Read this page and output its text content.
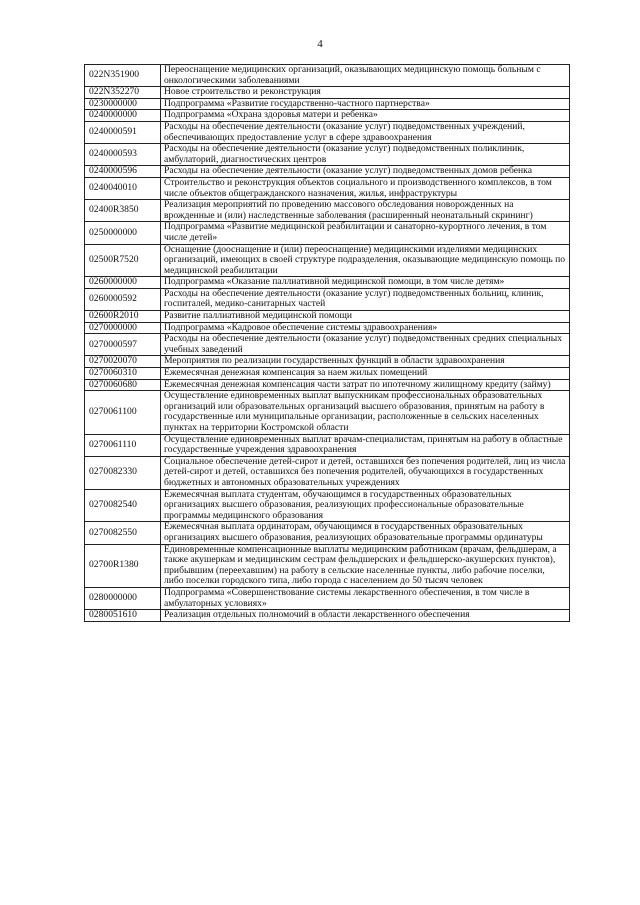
4
022N351900	Переоснащение медицинских организаций, оказывающих медицинскую помощь больным с онкологическими заболеваниями
022N352270	Новое строительство и реконструкция
0230000000	Подпрограмма «Развитие государственно-частного партнерства»
0240000000	Подпрограмма «Охрана здоровья матери и ребенка»
0240000591	Расходы на обеспечение деятельности (оказание услуг) подведомственных учреждений, обеспечивающих предоставление услуг в сфере здравоохранения
0240000593	Расходы на обеспечение деятельности (оказание услуг) подведомственных поликлиник, амбулаторий, диагностических центров
0240000596	Расходы на обеспечение деятельности (оказание услуг) подведомственных домов ребенка
0240040010	Строительство и реконструкция объектов социального и производственного комплексов, в том числе объектов общегражданского назначения, жилья, инфраструктуры
02400R3850	Реализация мероприятий по проведению массового обследования новорожденных на врожденные и (или) наследственные заболевания (расширенный неонатальный скрининг)
0250000000	Подпрограмма «Развитие медицинской реабилитации и санаторно-курортного лечения, в том числе детей»
02500R7520	Оснащение (дооснащение и (или) переоснащение) медицинскими изделиями медицинских организаций, имеющих в своей структуре подразделения, оказывающие медицинскую помощь по медицинской реабилитации
0260000000	Подпрограмма «Оказание паллиативной медицинской помощи, в том числе детям»
0260000592	Расходы на обеспечение деятельности (оказание услуг) подведомственных больниц, клиник, госпиталей, медико-санитарных частей
02600R2010	Развитие паллиативной медицинской помощи
0270000000	Подпрограмма «Кадровое обеспечение системы здравоохранения»
0270000597	Расходы на обеспечение деятельности (оказание услуг) подведомственных средних специальных учебных заведений
0270020070	Мероприятия по реализации государственных функций в области здравоохранения
0270060310	Ежемесячная денежная компенсация за наем жилых помещений
0270060680	Ежемесячная денежная компенсация части затрат по ипотечному жилищному кредиту (займу)
0270061100	Осуществление единовременных выплат выпускникам профессиональных образовательных организаций или образовательных организаций высшего образования, принятым на работу в государственные или муниципальные организации, расположенные в сельских населенных пунктах на территории Костромской области
0270061110	Осуществление единовременных выплат врачам-специалистам, принятым на работу в областные государственные учреждения здравоохранения
0270082330	Социальное обеспечение детей-сирот и детей, оставшихся без попечения родителей, лиц из числа детей-сирот и детей, оставшихся без попечения родителей, обучающихся в государственных бюджетных и автономных образовательных учреждениях
0270082540	Ежемесячная выплата студентам, обучающимся в государственных образовательных организациях высшего образования, реализующих профессиональные образовательные программы медицинского образования
0270082550	Ежемесячная выплата ординаторам, обучающимся в государственных образовательных организациях высшего образования, реализующих образовательные программы ординатуры
02700R1380	Единовременные компенсационные выплаты медицинским работникам (врачам, фельдшерам, а также акушеркам и медицинским сестрам фельдшерских и фельдшерско-акушерских пунктов), прибывшим (переехавшим) на работу в сельские населенные пункты, либо рабочие поселки, либо поселки городского типа, либо города с населением до 50 тысяч человек
0280000000	Подпрограмма «Совершенствование системы лекарственного обеспечения, в том числе в амбулаторных условиях»
0280051610	Реализация отдельных полномочий в области лекарственного обеспечения
